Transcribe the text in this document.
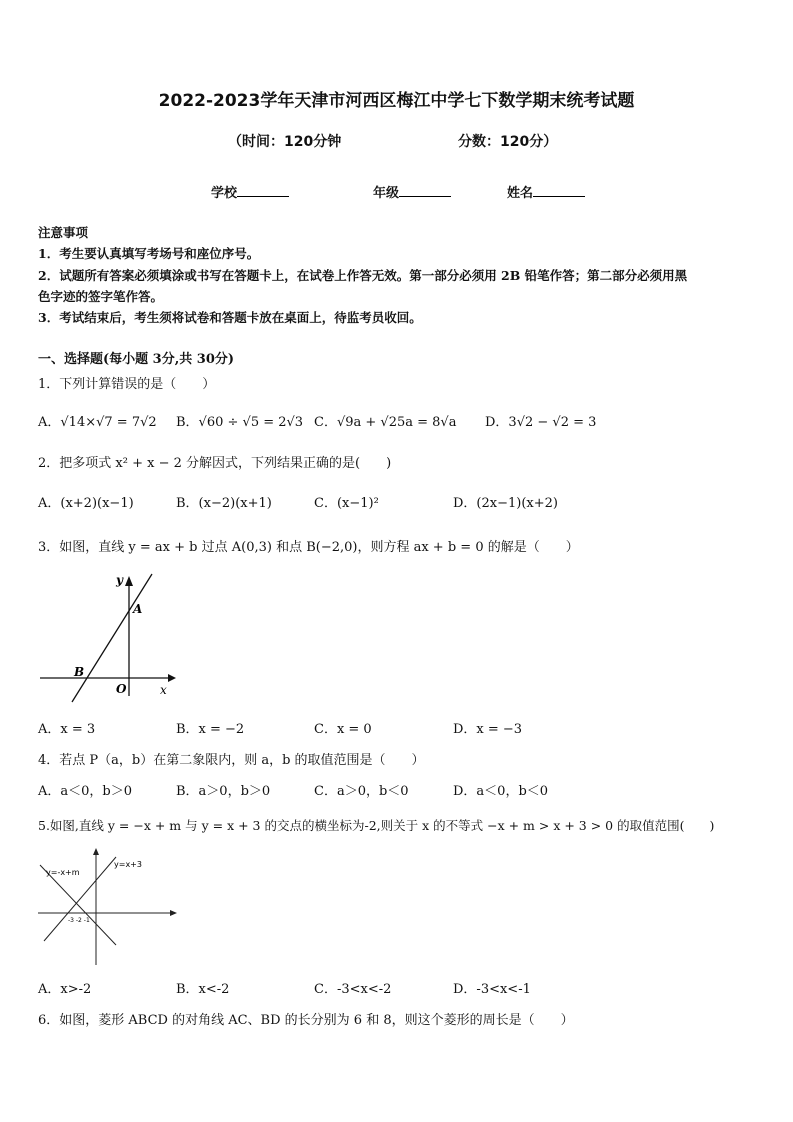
2022-2023学年天津市河西区梅江中学七下数学期末统考试题
（时间：120分钟	分数：120分）
学校	年级	姓名
注意事项
1．考生要认真填写考场号和座位序号。
2．试题所有答案必须填涂或书写在答题卡上，在试卷上作答无效。第一部分必须用 2B 铅笔作答；第二部分必须用黑
色字迹的签字笔作答。
3．考试结束后，考生须将试卷和答题卡放在桌面上，待监考员收回。
一、选择题(每小题 3分,共 30分)
1．下列计算错误的是（　　）
A．√14×√7 = 7√2 B．√60 ÷ √5 = 2√3 C．√9a + √25a = 8√a D．3√2 − √2 = 3
2．把多项式 x² + x − 2 分解因式，下列结果正确的是(　　)
A．(x+2)(x−1)	B．(x−2)(x+1)	C．(x−1)²	D．(2x−1)(x+2)
3．如图，直线 y = ax + b 过点 A(0,3) 和点 B(−2,0)，则方程 ax + b = 0 的解是（　　）
y
x
A
B
O
A．x = 3	B．x = −2	C．x = 0	D．x = −3
4．若点 P（a，b）在第二象限内，则 a，b 的取值范围是（　　）
A．a＜0，b＞0	B．a＞0，b＞0	C．a＞0，b＜0	D．a＜0，b＜0
5.如图,直线 y = −x + m 与 y = x + 3 的交点的横坐标为-2,则关于 x 的不等式 −x + m > x + 3 > 0 的取值范围(　　)
y=-x+m
y=x+3
-3 -2 -1
A．x>-2	B．x<-2	C．-3<x<-2	D．-3<x<-1
6．如图，菱形 ABCD 的对角线 AC、BD 的长分别为 6 和 8，则这个菱形的周长是（　　）
